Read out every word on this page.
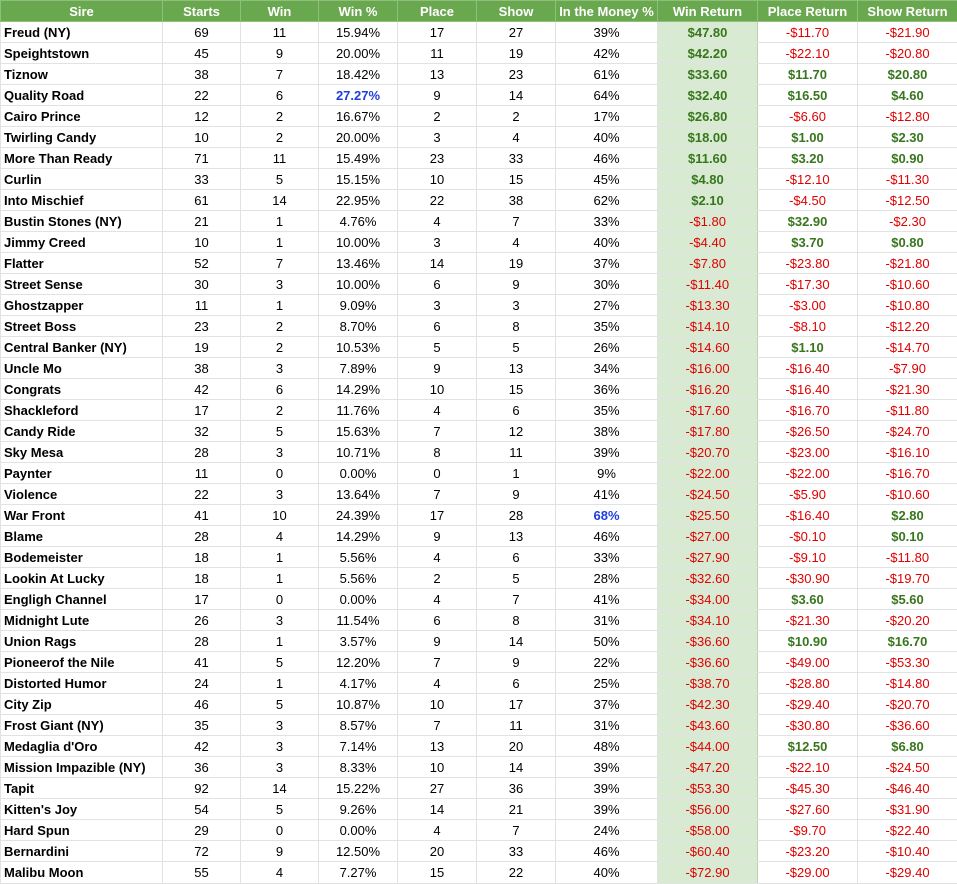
Sire	Starts	Win	Win %	Place	Show	In the Money %	Win Return	Place Return	Show Return
Freud (NY)	69	11	15.94%	17	27	39%	$47.80	-$11.70	-$21.90
Speightstown	45	9	20.00%	11	19	42%	$42.20	-$22.10	-$20.80
Tiznow	38	7	18.42%	13	23	61%	$33.60	$11.70	$20.80
Quality Road	22	6	27.27%	9	14	64%	$32.40	$16.50	$4.60
Cairo Prince	12	2	16.67%	2	2	17%	$26.80	-$6.60	-$12.80
Twirling Candy	10	2	20.00%	3	4	40%	$18.00	$1.00	$2.30
More Than Ready	71	11	15.49%	23	33	46%	$11.60	$3.20	$0.90
Curlin	33	5	15.15%	10	15	45%	$4.80	-$12.10	-$11.30
Into Mischief	61	14	22.95%	22	38	62%	$2.10	-$4.50	-$12.50
Bustin Stones (NY)	21	1	4.76%	4	7	33%	-$1.80	$32.90	-$2.30
Jimmy Creed	10	1	10.00%	3	4	40%	-$4.40	$3.70	$0.80
Flatter	52	7	13.46%	14	19	37%	-$7.80	-$23.80	-$21.80
Street Sense	30	3	10.00%	6	9	30%	-$11.40	-$17.30	-$10.60
Ghostzapper	11	1	9.09%	3	3	27%	-$13.30	-$3.00	-$10.80
Street Boss	23	2	8.70%	6	8	35%	-$14.10	-$8.10	-$12.20
Central Banker (NY)	19	2	10.53%	5	5	26%	-$14.60	$1.10	-$14.70
Uncle Mo	38	3	7.89%	9	13	34%	-$16.00	-$16.40	-$7.90
Congrats	42	6	14.29%	10	15	36%	-$16.20	-$16.40	-$21.30
Shackleford	17	2	11.76%	4	6	35%	-$17.60	-$16.70	-$11.80
Candy Ride	32	5	15.63%	7	12	38%	-$17.80	-$26.50	-$24.70
Sky Mesa	28	3	10.71%	8	11	39%	-$20.70	-$23.00	-$16.10
Paynter	11	0	0.00%	0	1	9%	-$22.00	-$22.00	-$16.70
Violence	22	3	13.64%	7	9	41%	-$24.50	-$5.90	-$10.60
War Front	41	10	24.39%	17	28	68%	-$25.50	-$16.40	$2.80
Blame	28	4	14.29%	9	13	46%	-$27.00	-$0.10	$0.10
Bodemeister	18	1	5.56%	4	6	33%	-$27.90	-$9.10	-$11.80
Lookin At Lucky	18	1	5.56%	2	5	28%	-$32.60	-$30.90	-$19.70
Engligh Channel	17	0	0.00%	4	7	41%	-$34.00	$3.60	$5.60
Midnight Lute	26	3	11.54%	6	8	31%	-$34.10	-$21.30	-$20.20
Union Rags	28	1	3.57%	9	14	50%	-$36.60	$10.90	$16.70
Pioneerof the Nile	41	5	12.20%	7	9	22%	-$36.60	-$49.00	-$53.30
Distorted Humor	24	1	4.17%	4	6	25%	-$38.70	-$28.80	-$14.80
City Zip	46	5	10.87%	10	17	37%	-$42.30	-$29.40	-$20.70
Frost Giant (NY)	35	3	8.57%	7	11	31%	-$43.60	-$30.80	-$36.60
Medaglia d'Oro	42	3	7.14%	13	20	48%	-$44.00	$12.50	$6.80
Mission Impazible (NY)	36	3	8.33%	10	14	39%	-$47.20	-$22.10	-$24.50
Tapit	92	14	15.22%	27	36	39%	-$53.30	-$45.30	-$46.40
Kitten's Joy	54	5	9.26%	14	21	39%	-$56.00	-$27.60	-$31.90
Hard Spun	29	0	0.00%	4	7	24%	-$58.00	-$9.70	-$22.40
Bernardini	72	9	12.50%	20	33	46%	-$60.40	-$23.20	-$10.40
Malibu Moon	55	4	7.27%	15	22	40%	-$72.90	-$29.00	-$29.40
